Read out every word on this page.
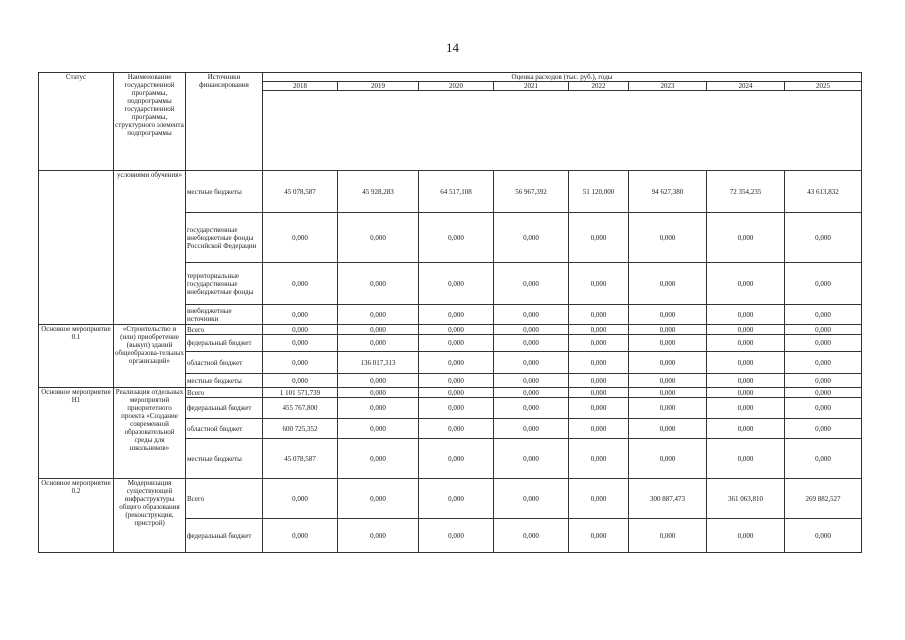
14
Статус	Наименование государственной программы, подпрограммы государственной программы, структурного элемента подпрограммы	Источники финансирования	Оценка расходов (тыс. руб.), годы							
			2018	2019	2020	2021	2022	2023	2024	2025

	условиями обучения»	местные бюджеты	45 078,587	45 928,283	64 517,108	56 967,392	51 120,000	94 627,380	72 354,235	43 613,832
		государственные внебюджетные фонды Российской Федерации	0,000	0,000	0,000	0,000	0,000	0,000	0,000	0,000
		территориальные государственные внебюджетные фонды	0,000	0,000	0,000	0,000	0,000	0,000	0,000	0,000
		внебюджетные источники	0,000	0,000	0,000	0,000	0,000	0,000	0,000	0,000
Основное мероприятие 0.1	«Строительство и (или) приобретение (выкуп) зданий общеобразова-тельных организаций»	Всего	0,000	0,000	0,000	0,000	0,000	0,000	0,000	0,000
		федеральный бюджет	0,000	0,000	0,000	0,000	0,000	0,000	0,000	0,000
		областной бюджет	0,000	136 017,313	0,000	0,000	0,000	0,000	0,000	0,000
		местные бюджеты	0,000	0,000	0,000	0,000	0,000	0,000	0,000	0,000
Основное мероприятие Н1	Реализация отдельных мероприятий приоритетного проекта «Создание современной образовательной среды для школьников»	Всего	1 101 571,739	0,000	0,000	0,000	0,000	0,000	0,000	0,000
		федеральный бюджет	455 767,800	0,000	0,000	0,000	0,000	0,000	0,000	0,000
		областной бюджет	600 725,352	0,000	0,000	0,000	0,000	0,000	0,000	0,000
		местные бюджеты	45 078,587	0,000	0,000	0,000	0,000	0,000	0,000	0,000
Основное мероприятие 0.2	Модернизация существующей инфраструктуры общего образования (реконструкция, пристрой)	Всего	0,000	0,000	0,000	0,000	0,000	300 887,473	361 063,810	269 882,527
		федеральный бюджет	0,000	0,000	0,000	0,000	0,000	0,000	0,000	0,000
